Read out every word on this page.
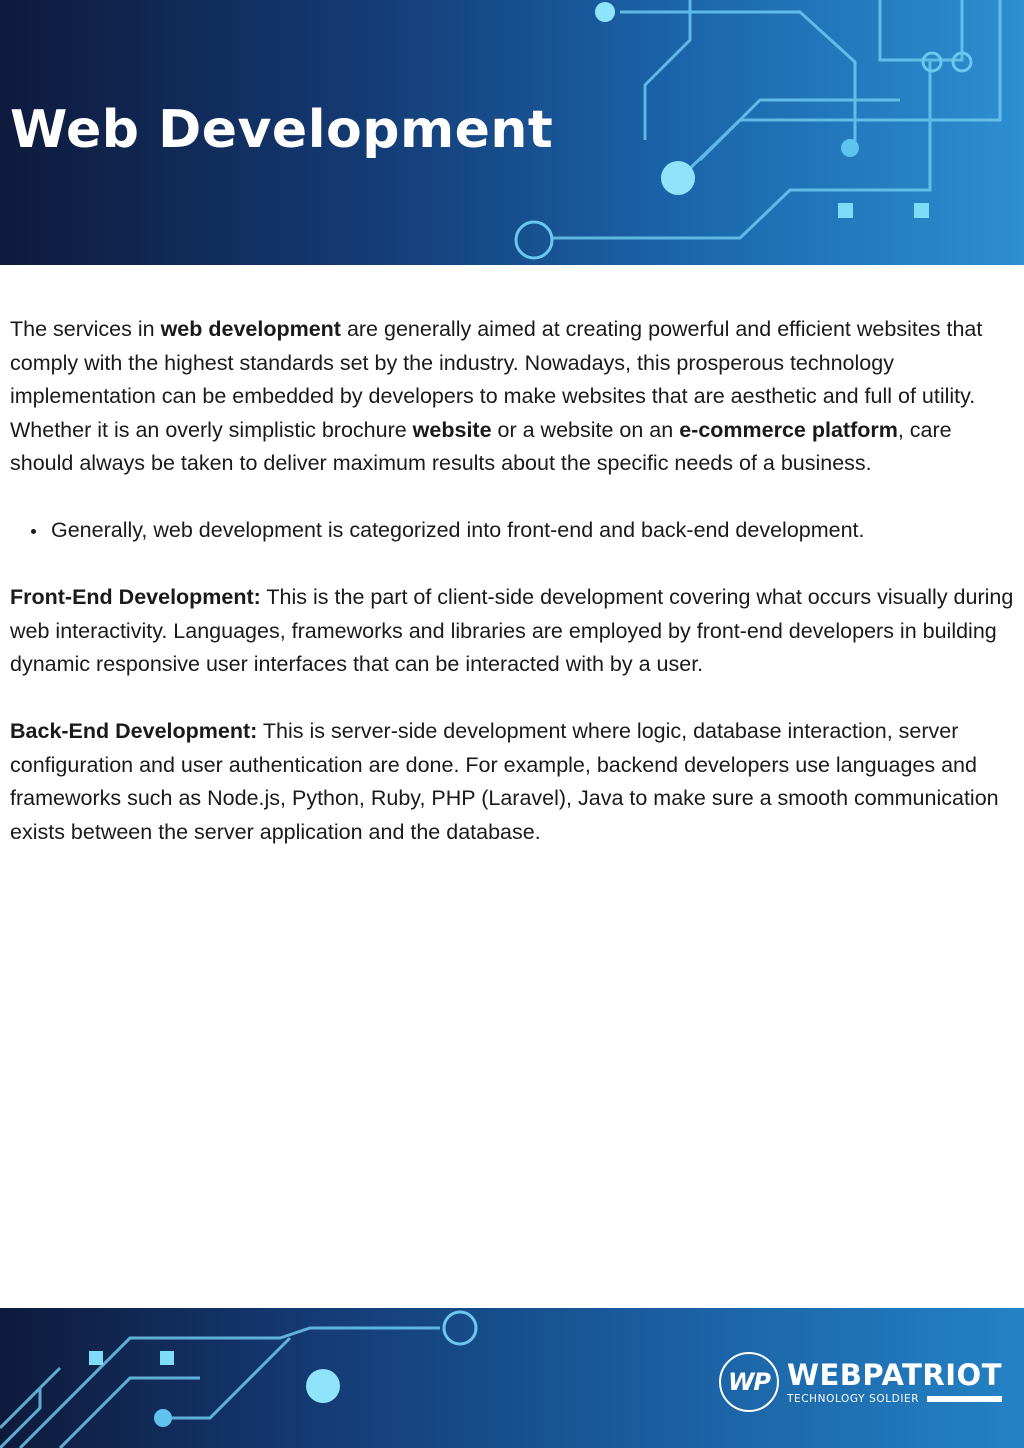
Web Development

The services in web development are generally aimed at creating powerful and efficient websites that comply with the highest standards set by the industry. Nowadays, this prosperous technology implementation can be embedded by developers to make websites that are aesthetic and full of utility. Whether it is an overly simplistic brochure website or a website on an e-commerce platform, care should always be taken to deliver maximum results about the specific needs of a business.

Generally, web development is categorized into front-end and back-end development.

Front-End Development: This is the part of client-side development covering what occurs visually during web interactivity. Languages, frameworks and libraries are employed by front-end developers in building dynamic responsive user interfaces that can be interacted with by a user.

Back-End Development: This is server-side development where logic, database interaction, server configuration and user authentication are done. For example, backend developers use languages and frameworks such as Node.js, Python, Ruby, PHP (Laravel), Java to make sure a smooth communication exists between the server application and the database.

WP WEBPATRIOT
TECHNOLOGY SOLDIER
